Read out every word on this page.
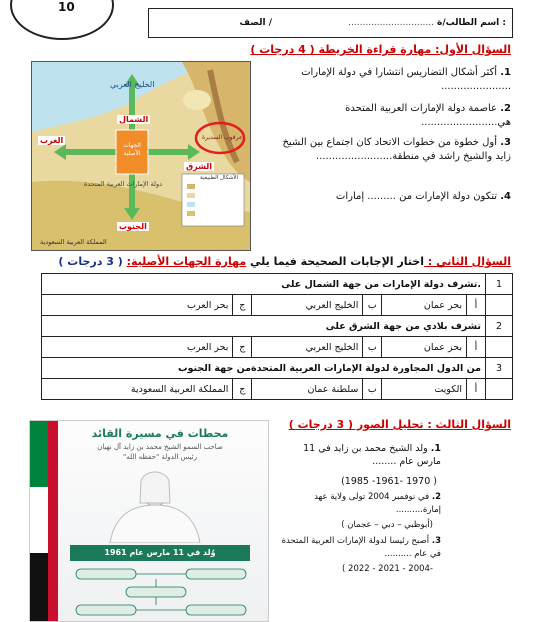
10
اسم الطالب/ة :
..............................
الصف /
السؤال الأول: مهارة قراءة الخريطة ( 4 درجات )
الخليج العربي
الشمال
الجنوب
الغرب
الشرق
الجهات الأصلية
عرقوب السديرة
دولة الإمارات العربية المتحدة
المملكة العربية السعودية
الأشكال الطبيعية
1. أكثر أشكال التضاريس انتشارا في دولة الإمارات ......................
2. عاصمة دولة الإمارات العربية المتحدة هي........................
3. أول خطوة من خطوات الاتحاد كان اجتماع بين الشيخ زايد والشيخ راشد في منطقة........................
4. تتكون دولة الإمارات من ......... إمارات
السؤال الثاني : اختار الإجابات الصحيحة فيما يلي مهارة الجهات الأصلية: ( 3 درجات )
.تشرف دولة الإمارات من جهة الشمال على						1
بحر العرب	ج	الخليج العربي	ب	بحر عمان	أ	
تشرف بلادي من جهة الشرق على						2
بحر العرب	ج	الخليج العربي	ب	بحر عمان	أ	
من الدول المجاورة لدولة الإمارات العربية المتحدةمن جهة الجنوب						3
المملكة العربية السعودية	ج	سلطنة عمان	ب	الكويت	أ	
السؤال الثالث : تحليل الصور ( 3 درجات )
محطات في مسيرة القائد
صاحب السمو الشيخ محمد بن زايد آل نهيان
رئيس الدولة "حفظه الله"
وُلد في 11 مارس عام 1961
1. ولد الشيخ محمد بن زايد في 11 مارس عام ........
( 1970 -1961- 1985)
2. في نوفمبر 2004 تولى ولاية عهد إمارة..........
(أبوظبي – دبي – عجمان )
3. أصبح رئيسا لدولة الإمارات العربية المتحدة في عام ..........
-2004 - 2021 - 2022 )
